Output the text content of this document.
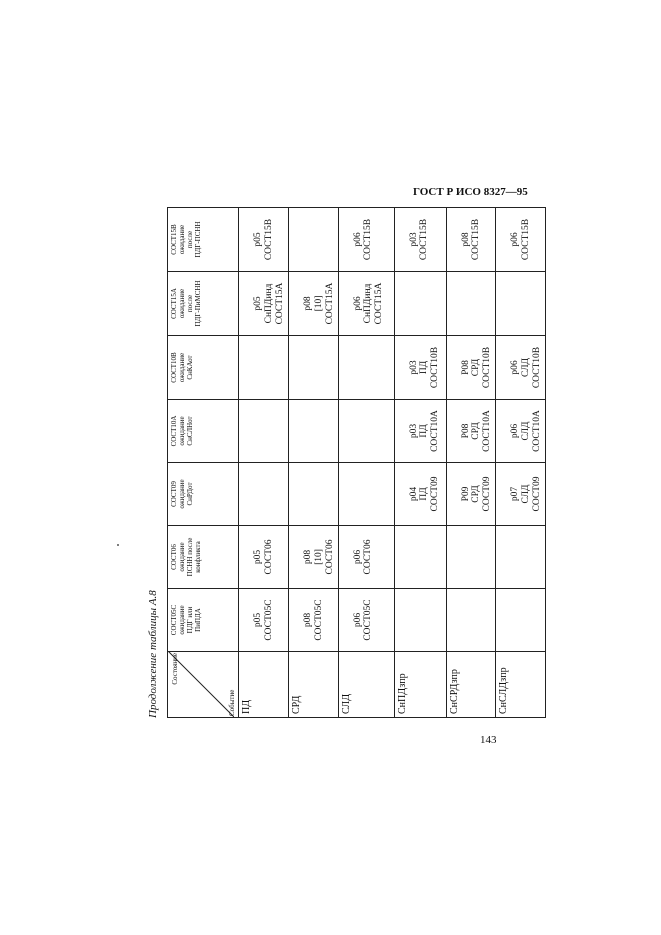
ГОСТ Р ИСО 8327—95
Продолжение таблицы А.8	Состояние
Событие	СОСТ05С ожидание ПДГ или ПиПДА	СОСТ06 ожидание ПСНН после конфликта	СОСТ09 ожидание СнРДот	СОСТ10А ожидание СнСЛНот	СОСТ10В ожидание СнКАот	СОСТ15А ожидание после ПДГ-ПиМСНН	СОСТ15В ожидание после ПДГ-ПСНН

ПД	р05 СОСТ05С	р05 СОСТ06				р05 СнПДинд СОСТ15А	р05 СОСТ15В

СРД	р08 СОСТ05С	р08 [10] СОСТ06				р08 [10] СОСТ15А	

СЛД	р06 СОСТ05С	р06 СОСТ06				р06 СнПДинд СОСТ15А	р06 СОСТ15В

СнПДзпр			р04 ПД СОСТ09	р03 ПД СОСТ10А	р03 ПД СОСТ10В		р03 СОСТ15В

СнСРДзпр			Р09 СРД СОСТ09	Р08 СРД СОСТ10А	Р08 СРД СОСТ10В		р08 СОСТ15В

СнСЛДзпр			р07 СЛД СОСТ09	р06 СЛД СОСТ10А	р06 СЛД СОСТ10В		р06 СОСТ15В
143
